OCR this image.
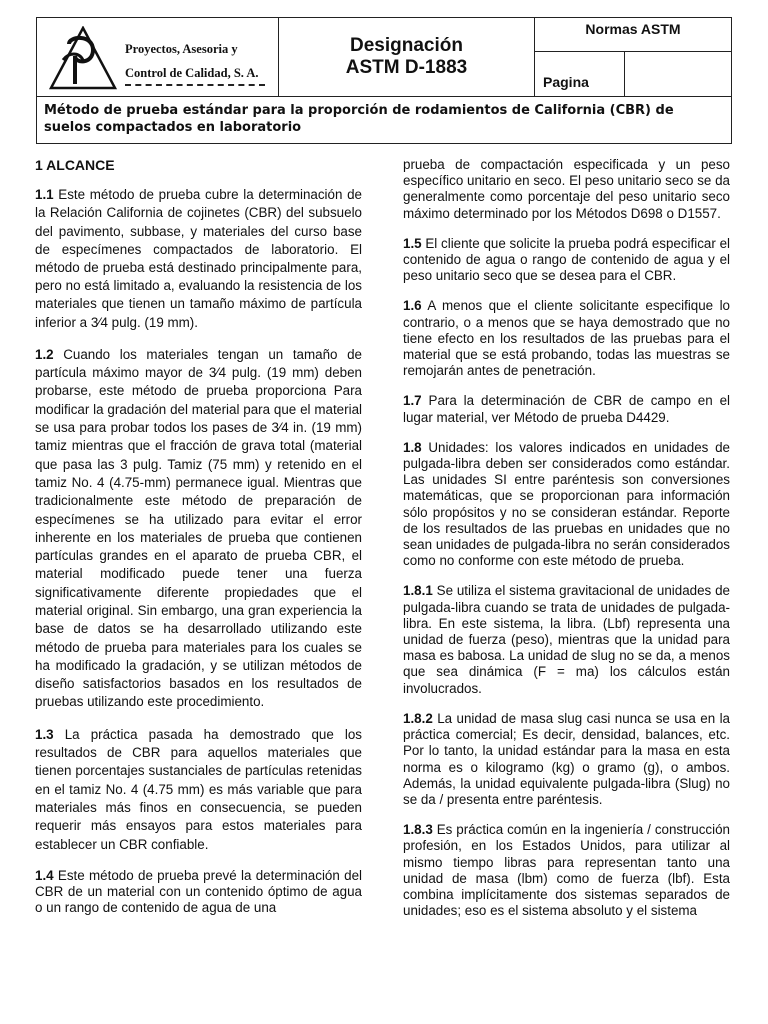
Proyectos, Asesoria y
Control de Calidad, S. A.
Designación
ASTM D-1883
Normas ASTM
Pagina
Método de prueba estándar para la proporción de rodamientos de California (CBR) de suelos compactados en laboratorio
1 ALCANCE

1.1 Este método de prueba cubre la determinación de la Relación California de cojinetes (CBR) del subsuelo del pavimento, subbase, y materiales del curso base de especímenes compactados de laboratorio. El método de prueba está destinado principalmente para, pero no está limitado a, evaluando la resistencia de los materiales que tienen un tamaño máximo de partícula inferior a 3⁄4 pulg. (19 mm).

1.2 Cuando los materiales tengan un tamaño de partícula máximo mayor de 3⁄4 pulg. (19 mm) deben probarse, este método de prueba proporciona Para modificar la gradación del material para que el material se usa para probar todos los pases de 3⁄4 in. (19 mm) tamiz mientras que el fracción de grava total (material que pasa las 3 pulg. Tamiz (75 mm) y retenido en el tamiz No. 4 (4.75-mm) permanece igual. Mientras que tradicionalmente este método de preparación de especímenes se ha utilizado para evitar el error inherente en los materiales de prueba que contienen partículas grandes en el aparato de prueba CBR, el material modificado puede tener una fuerza significativamente diferente propiedades que el material original. Sin embargo, una gran experiencia la base de datos se ha desarrollado utilizando este método de prueba para materiales para los cuales se ha modificado la gradación, y se utilizan métodos de diseño satisfactorios basados en los resultados de pruebas utilizando este procedimiento.

1.3 La práctica pasada ha demostrado que los resultados de CBR para aquellos materiales que tienen porcentajes sustanciales de partículas retenidas en el tamiz No. 4 (4.75 mm) es más variable que para materiales más finos en consecuencia, se pueden requerir más ensayos para estos materiales para establecer un CBR confiable.

1.4 Este método de prueba prevé la determinación del CBR de un material con un contenido óptimo de agua o un rango de contenido de agua de una

prueba de compactación especificada y un peso específico unitario en seco. El peso unitario seco se da generalmente como porcentaje del peso unitario seco máximo determinado por los Métodos D698 o D1557.

1.5 El cliente que solicite la prueba podrá especificar el contenido de agua o rango de contenido de agua y el peso unitario seco que se desea para el CBR.

1.6 A menos que el cliente solicitante especifique lo contrario, o a menos que se haya demostrado que no tiene efecto en los resultados de las pruebas para el material que se está probando, todas las muestras se remojarán antes de penetración.

1.7 Para la determinación de CBR de campo en el lugar material, ver Método de prueba D4429.

1.8 Unidades: los valores indicados en unidades de pulgada-libra deben ser considerados como estándar. Las unidades SI entre paréntesis son conversiones matemáticas, que se proporcionan para información sólo propósitos y no se consideran estándar. Reporte de los resultados de las pruebas en unidades que no sean unidades de pulgada-libra no serán considerados como no conforme con este método de prueba.

1.8.1 Se utiliza el sistema gravitacional de unidades de pulgada-libra cuando se trata de unidades de pulgada-libra. En este sistema, la libra. (Lbf) representa una unidad de fuerza (peso), mientras que la unidad para masa es babosa. La unidad de slug no se da, a menos que sea dinámica (F = ma) los cálculos están involucrados.

1.8.2 La unidad de masa slug casi nunca se usa en la práctica comercial; Es decir, densidad, balances, etc. Por lo tanto, la unidad estándar para la masa en esta norma es o kilogramo (kg) o gramo (g), o ambos. Además, la unidad equivalente pulgada-libra (Slug) no se da / presenta entre paréntesis.

1.8.3 Es práctica común en la ingeniería / construcción profesión, en los Estados Unidos, para utilizar al mismo tiempo libras para representan tanto una unidad de masa (lbm) como de fuerza (lbf). Esta combina implícitamente dos sistemas separados de unidades; eso es el sistema absoluto y el sistema
